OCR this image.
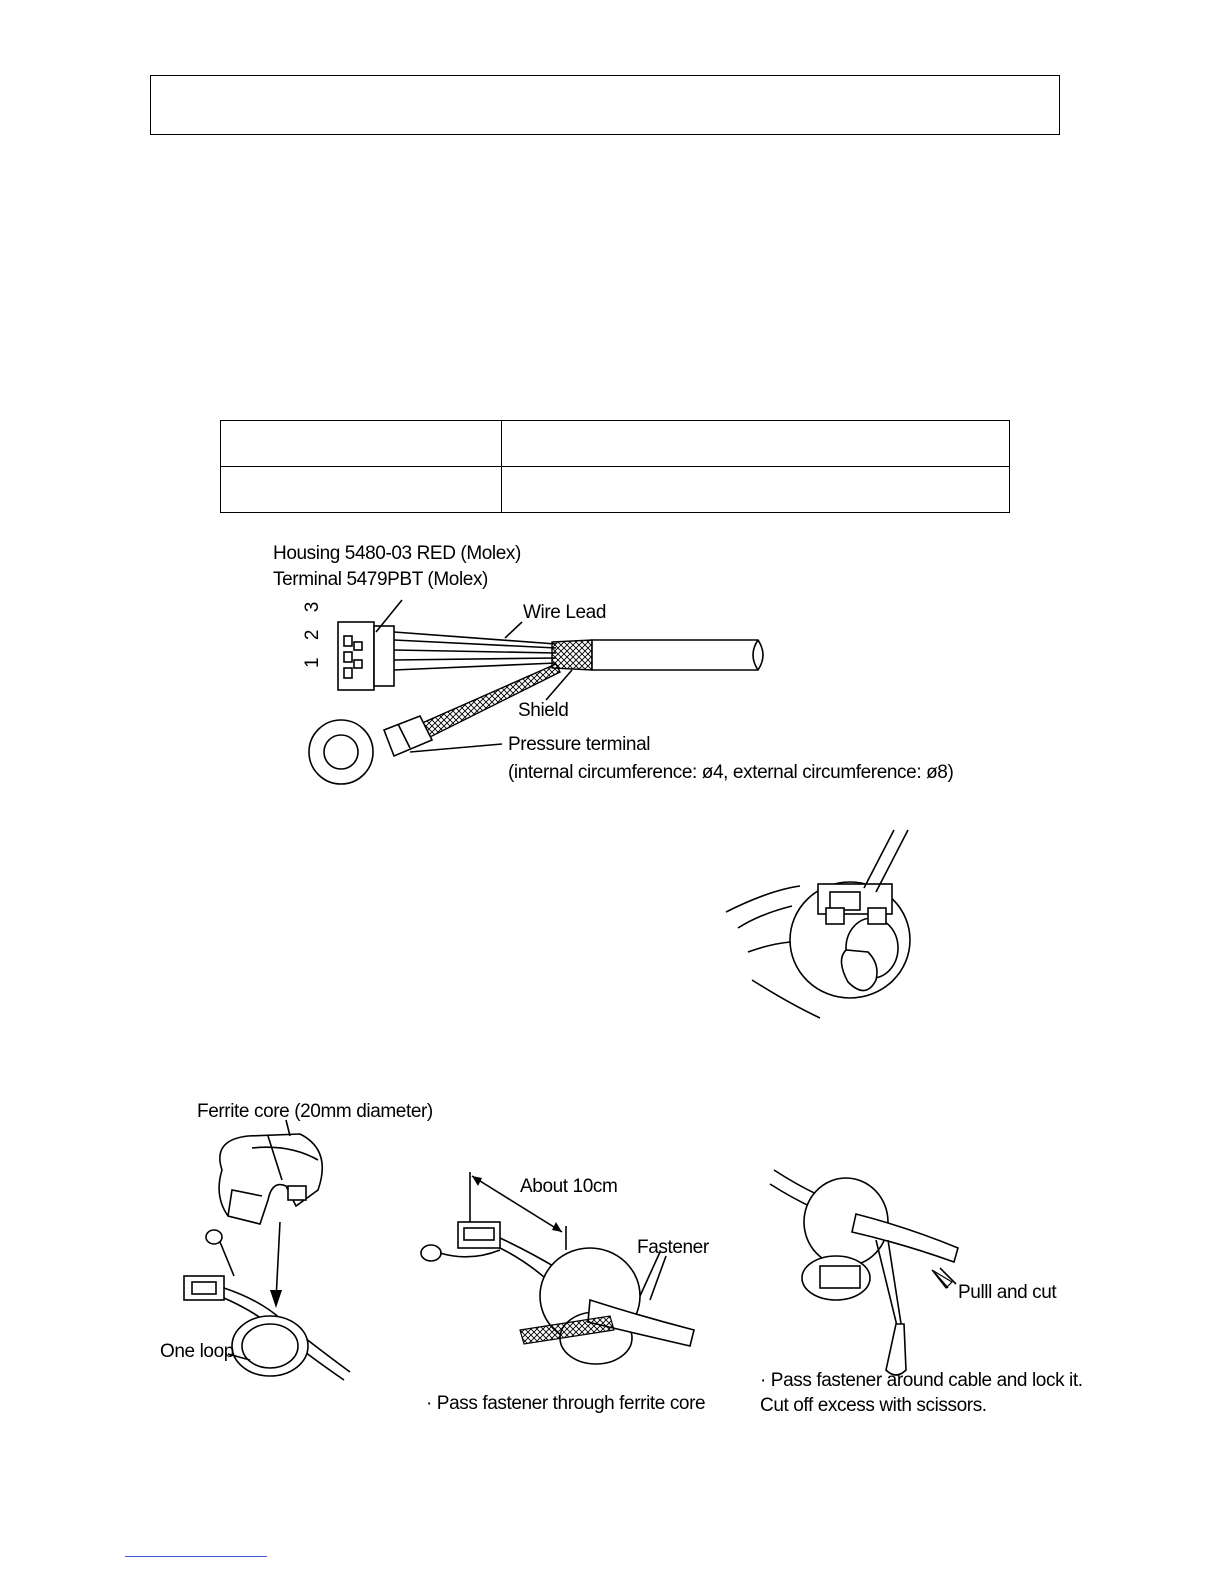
Housing 5480-03 RED (Molex)
Terminal 5479PBT (Molex)
Wire Lead
Shield
Pressure terminal
(internal circumference: ø4, external circumference: ø8)
1 2 3
Ferrite core (20mm diameter)
One loop
About 10cm
Fastener
· Pass fastener through ferrite core
Pulll and cut
· Pass fastener around cable and lock it.
Cut off excess with scissors.
